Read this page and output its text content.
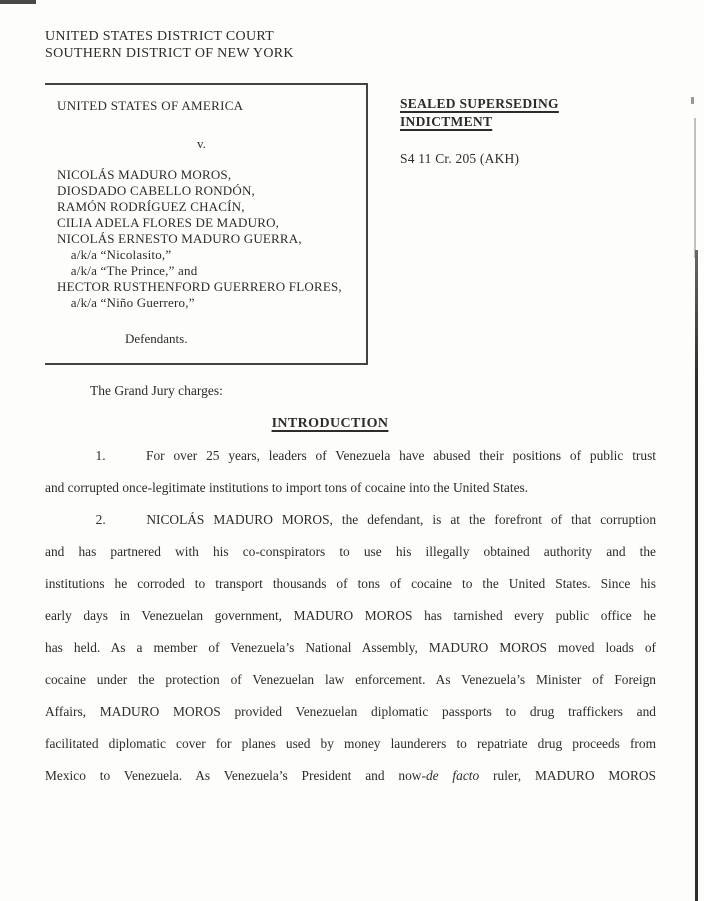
UNITED STATES DISTRICT COURT
SOUTHERN DISTRICT OF NEW YORK
UNITED STATES OF AMERICA
v.
NICOLÁS MADURO MOROS,
DIOSDADO CABELLO RONDÓN,
RAMÓN RODRÍGUEZ CHACÍN,
CILIA ADELA FLORES DE MADURO,
NICOLÁS ERNESTO MADURO GUERRA,
a/k/a “Nicolasito,”
a/k/a “The Prince,” and
HECTOR RUSTHENFORD GUERRERO FLORES,
a/k/a “Niño Guerrero,”
Defendants.
SEALED SUPERSEDING
INDICTMENT
S4 11 Cr. 205 (AKH)
The Grand Jury charges:
INTRODUCTION
	1.	For over 25 years, leaders of Venezuela have abused their positions of public trust
and corrupted once-legitimate institutions to import tons of cocaine into the United States.
	2.	NICOLÁS MADURO MOROS, the defendant, is at the forefront of that corruption
and has partnered with his co-conspirators to use his illegally obtained authority and the
institutions he corroded to transport thousands of tons of cocaine to the United States. Since his
early days in Venezuelan government, MADURO MOROS has tarnished every public office he
has held. As a member of Venezuela’s National Assembly, MADURO MOROS moved loads of
cocaine under the protection of Venezuelan law enforcement. As Venezuela’s Minister of Foreign
Affairs, MADURO MOROS provided Venezuelan diplomatic passports to drug traffickers and
facilitated diplomatic cover for planes used by money launderers to repatriate drug proceeds from
Mexico to Venezuela. As Venezuela’s President and now-de facto ruler, MADURO MOROS
